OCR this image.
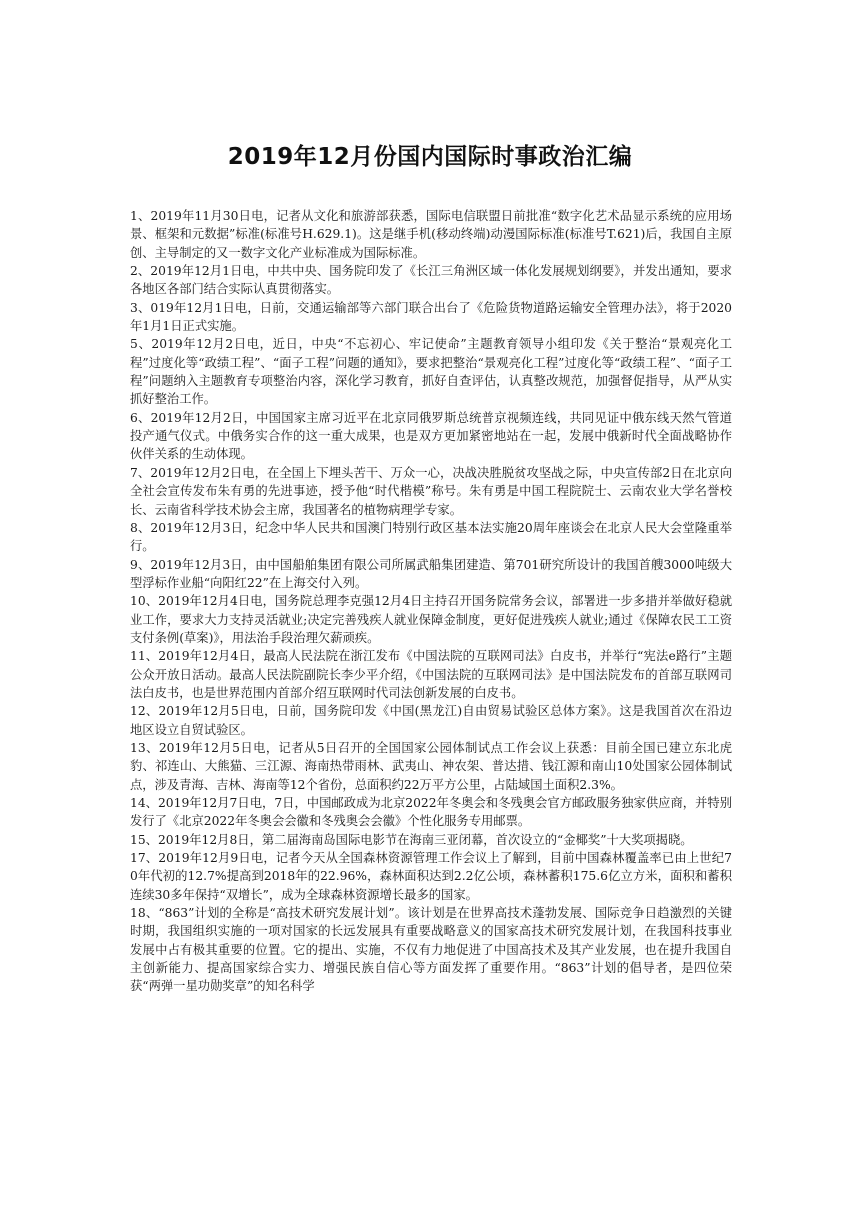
2019年12月份国内国际时事政治汇编

1、2019年11月30日电，记者从文化和旅游部获悉，国际电信联盟日前批准“数字化艺术品显示系统的应用场景、框架和元数据”标准(标准号H.629.1)。这是继手机(移动终端)动漫国际标准(标准号T.621)后，我国自主原创、主导制定的又一数字文化产业标准成为国际标准。

2、2019年12月1日电，中共中央、国务院印发了《长江三角洲区域一体化发展规划纲要》，并发出通知，要求各地区各部门结合实际认真贯彻落实。

3、019年12月1日电，日前，交通运输部等六部门联合出台了《危险货物道路运输安全管理办法》，将于2020年1月1日正式实施。

5、2019年12月2日电，近日，中央“不忘初心、牢记使命”主题教育领导小组印发《关于整治“景观亮化工程”过度化等“政绩工程”、“面子工程”问题的通知》，要求把整治“景观亮化工程”过度化等“政绩工程”、“面子工程”问题纳入主题教育专项整治内容，深化学习教育，抓好自查评估，认真整改规范，加强督促指导，从严从实抓好整治工作。

6、2019年12月2日，中国国家主席习近平在北京同俄罗斯总统普京视频连线，共同见证中俄东线天然气管道投产通气仪式。中俄务实合作的这一重大成果，也是双方更加紧密地站在一起，发展中俄新时代全面战略协作伙伴关系的生动体现。

7、2019年12月2日电，在全国上下埋头苦干、万众一心，决战决胜脱贫攻坚战之际，中央宣传部2日在北京向全社会宣传发布朱有勇的先进事迹，授予他“时代楷模”称号。朱有勇是中国工程院院士、云南农业大学名誉校长、云南省科学技术协会主席，我国著名的植物病理学专家。

8、2019年12月3日，纪念中华人民共和国澳门特别行政区基本法实施20周年座谈会在北京人民大会堂隆重举行。

9、2019年12月3日，由中国船舶集团有限公司所属武船集团建造、第701研究所设计的我国首艘3000吨级大型浮标作业船“向阳红22”在上海交付入列。

10、2019年12月4日电，国务院总理李克强12月4日主持召开国务院常务会议，部署进一步多措并举做好稳就业工作，要求大力支持灵活就业;决定完善残疾人就业保障金制度，更好促进残疾人就业;通过《保障农民工工资支付条例(草案)》，用法治手段治理欠薪顽疾。

11、2019年12月4日，最高人民法院在浙江发布《中国法院的互联网司法》白皮书，并举行“宪法e路行”主题公众开放日活动。最高人民法院副院长李少平介绍，《中国法院的互联网司法》是中国法院发布的首部互联网司法白皮书，也是世界范围内首部介绍互联网时代司法创新发展的白皮书。

12、2019年12月5日电，日前，国务院印发《中国(黑龙江)自由贸易试验区总体方案》。这是我国首次在沿边地区设立自贸试验区。

13、2019年12月5日电，记者从5日召开的全国国家公园体制试点工作会议上获悉：目前全国已建立东北虎豹、祁连山、大熊猫、三江源、海南热带雨林、武夷山、神农架、普达措、钱江源和南山10处国家公园体制试点，涉及青海、吉林、海南等12个省份，总面积约22万平方公里，占陆域国土面积2.3%。

14、2019年12月7日电，7日，中国邮政成为北京2022年冬奥会和冬残奥会官方邮政服务独家供应商，并特别发行了《北京2022年冬奥会会徽和冬残奥会会徽》个性化服务专用邮票。

15、2019年12月8日，第二届海南岛国际电影节在海南三亚闭幕，首次设立的“金椰奖”十大奖项揭晓。

17、2019年12月9日电，记者今天从全国森林资源管理工作会议上了解到，目前中国森林覆盖率已由上世纪70年代初的12.7%提高到2018年的22.96%，森林面积达到2.2亿公顷，森林蓄积175.6亿立方米，面积和蓄积连续30多年保持“双增长”，成为全球森林资源增长最多的国家。

18、“863”计划的全称是“高技术研究发展计划”。该计划是在世界高技术蓬勃发展、国际竞争日趋激烈的关键时期，我国组织实施的一项对国家的长远发展具有重要战略意义的国家高技术研究发展计划，在我国科技事业发展中占有极其重要的位置。它的提出、实施，不仅有力地促进了中国高技术及其产业发展，也在提升我国自主创新能力、提高国家综合实力、增强民族自信心等方面发挥了重要作用。“863”计划的倡导者，是四位荣获“两弹一星功勋奖章”的知名科学
